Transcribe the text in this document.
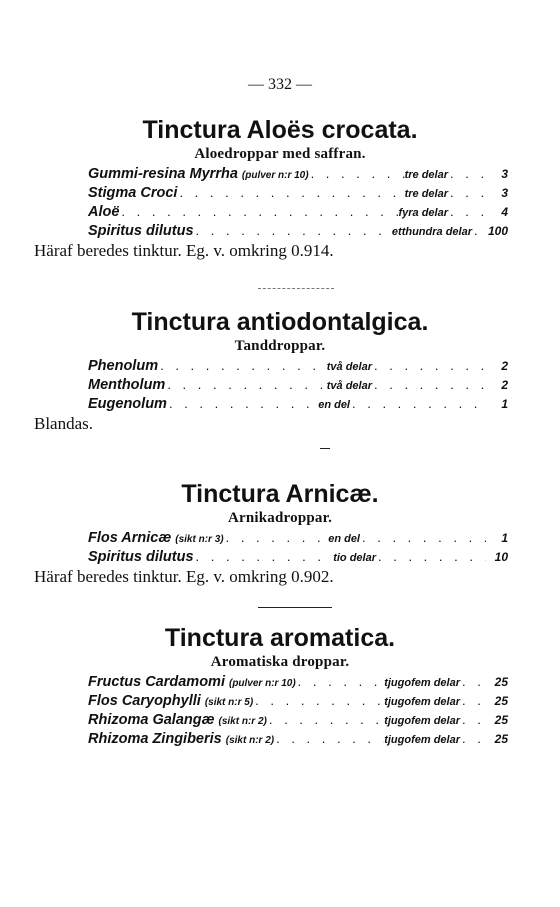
— 332 —
Tinctura Aloës crocata.
Aloedroppar med saffran.
Gummi-resina Myrrha (pulver n:r 10) . . .	tre delar . . .	3
Stigma Croci . . .	tre delar . . .	3
Aloë . . .	fyra delar . . .	4
Spiritus dilutus . . .	etthundra delar . . . 100
Häraf beredes tinktur. Eg. v. omkring 0.914.
Tinctura antiodontalgica.
Tanddroppar.
Phenolum . . .	två delar . . .	2
Mentholum . . .	två delar . . .	2
Eugenolum . . .	en del . . .	1
Blandas.
Tinctura Arnicæ.
Arnikadroppar.
Flos Arnicæ (sikt n:r 3) . . .	en del . . .	1
Spiritus dilutus . . .	tio delar . . .	10
Häraf beredes tinktur. Eg. v. omkring 0.902.
Tinctura aromatica.
Aromatiska droppar.
Fructus Cardamomi (pulver n:r 10) . . .	tjugofem delar . . .	25
Flos Caryophylli (sikt n:r 5) . . .	tjugofem delar . . .	25
Rhizoma Galangæ (sikt n:r 2) . . .	tjugofem delar . . .	25
Rhizoma Zingiberis (sikt n:r 2) . . .	tjugofem delar . . .	25
